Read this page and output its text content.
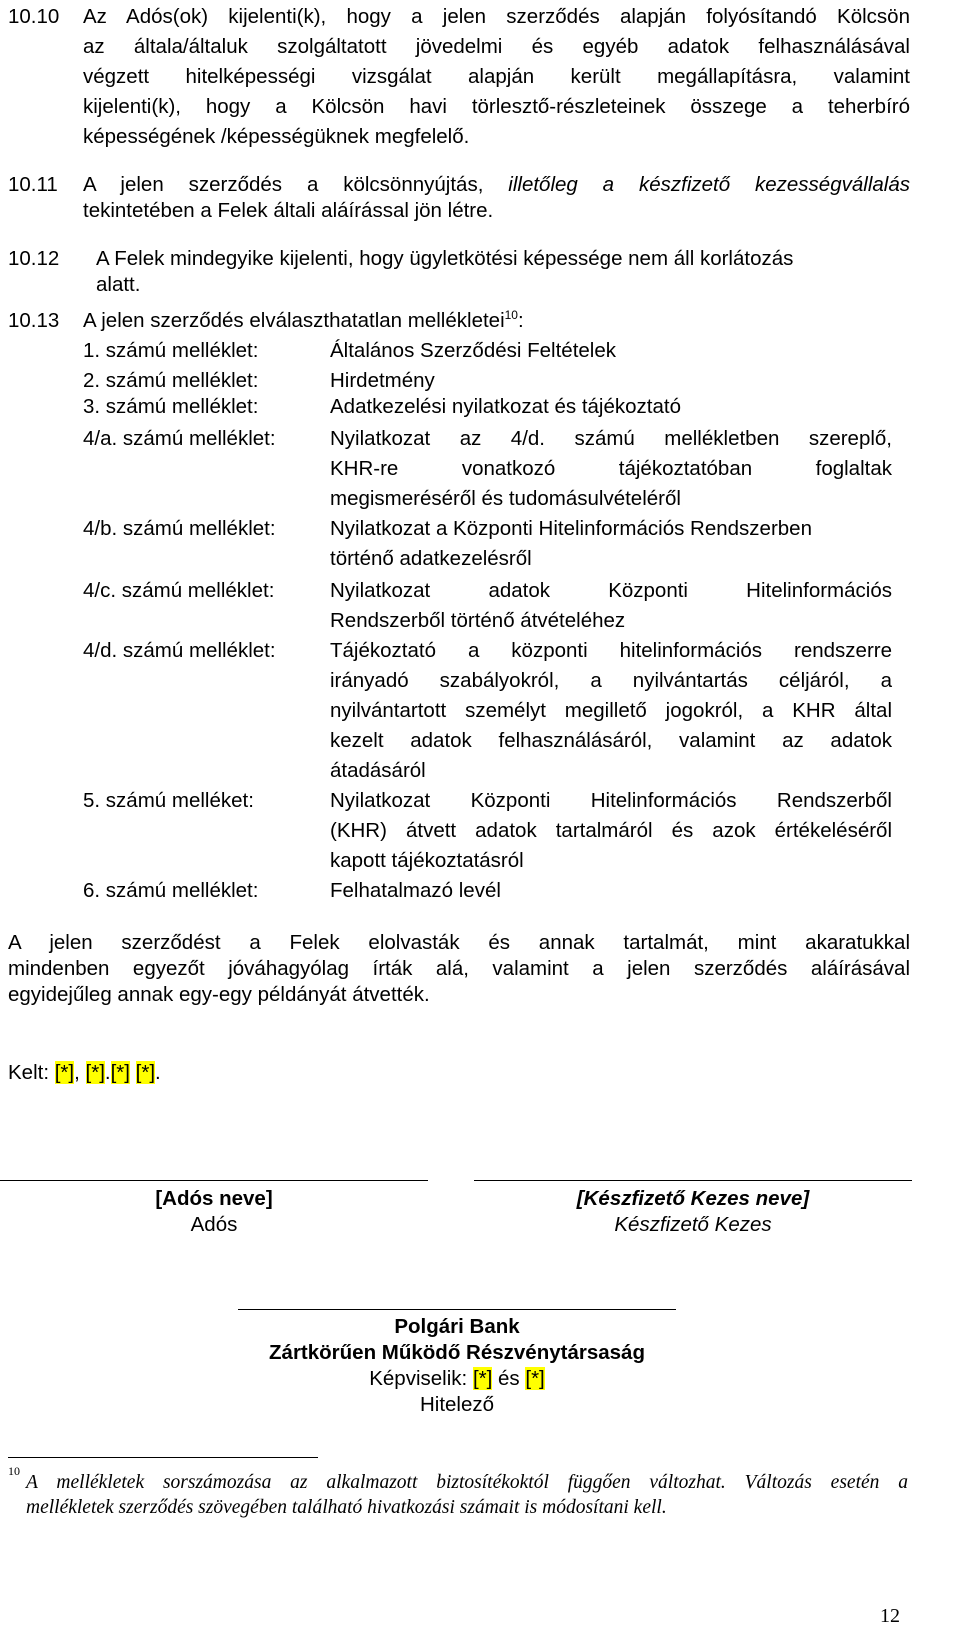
10.10 Az Adós(ok) kijelenti(k), hogy a jelen szerződés alapján folyósítandó Kölcsön
az általa/általuk szolgáltatott jövedelmi és egyéb adatok felhasználásával
végzett hitelképességi vizsgálat alapján került megállapításra, valamint
kijelenti(k), hogy a Kölcsön havi törlesztő-részleteinek összege a teherbíró
képességének /képességüknek megfelelő.
10.11 A jelen szerződés a kölcsönnyújtás, illetőleg a készfizető kezességvállalás
tekintetében a Felek általi aláírással jön létre.
10.12 A Felek mindegyike kijelenti, hogy ügyletkötési képessége nem áll korlátozás
alatt.
10.13 A jelen szerződés elválaszthatatlan mellékletei$^{10}$:
1. számú melléklet:	Általános Szerződési Feltételek
2. számú melléklet:	Hirdetmény
3. számú melléklet:	Adatkezelési nyilatkozat és tájékoztató
4/a. számú melléklet:	Nyilatkozat az 4/d. számú mellékletben szereplő,
KHR-re vonatkozó tájékoztatóban foglaltak
megismeréséről és tudomásulvételéről
4/b. számú melléklet:	Nyilatkozat a Központi Hitelinformációs Rendszerben
történő adatkezelésről
4/c. számú melléklet:	Nyilatkozat adatok Központi Hitelinformációs
Rendszerből történő átvételéhez
4/d. számú melléklet:	Tájékoztató a központi hitelinformációs rendszerre
irányadó szabályokról, a nyilvántartás céljáról, a
nyilvántartott személyt megillető jogokról, a KHR által
kezelt adatok felhasználásáról, valamint az adatok
átadásáról
5. számú melléket:	Nyilatkozat Központi Hitelinformációs Rendszerből
(KHR) átvett adatok tartalmáról és azok értékeléséről
kapott tájékoztatásról
6. számú melléklet:	Felhatalmazó levél
A jelen szerződést a Felek elolvasták és annak tartalmát, mint akaratukkal
mindenben egyezőt jóváhagyólag írták alá, valamint a jelen szerződés aláírásával
egyidejűleg annak egy-egy példányát átvették.
Kelt: [*], [*].[*] [*].
[Adós neve]
Adós
[Készfizető Kezes neve]
Készfizető Kezes
Polgári Bank
Zártkörűen Működő Részvénytársaság
Képviselik: [*] és [*]
Hitelező
10
A mellékletek sorszámozása az alkalmazott biztosítékoktól függően változhat. Változás esetén a
mellékletek szerződés szövegében található hivatkozási számait is módosítani kell.
12
